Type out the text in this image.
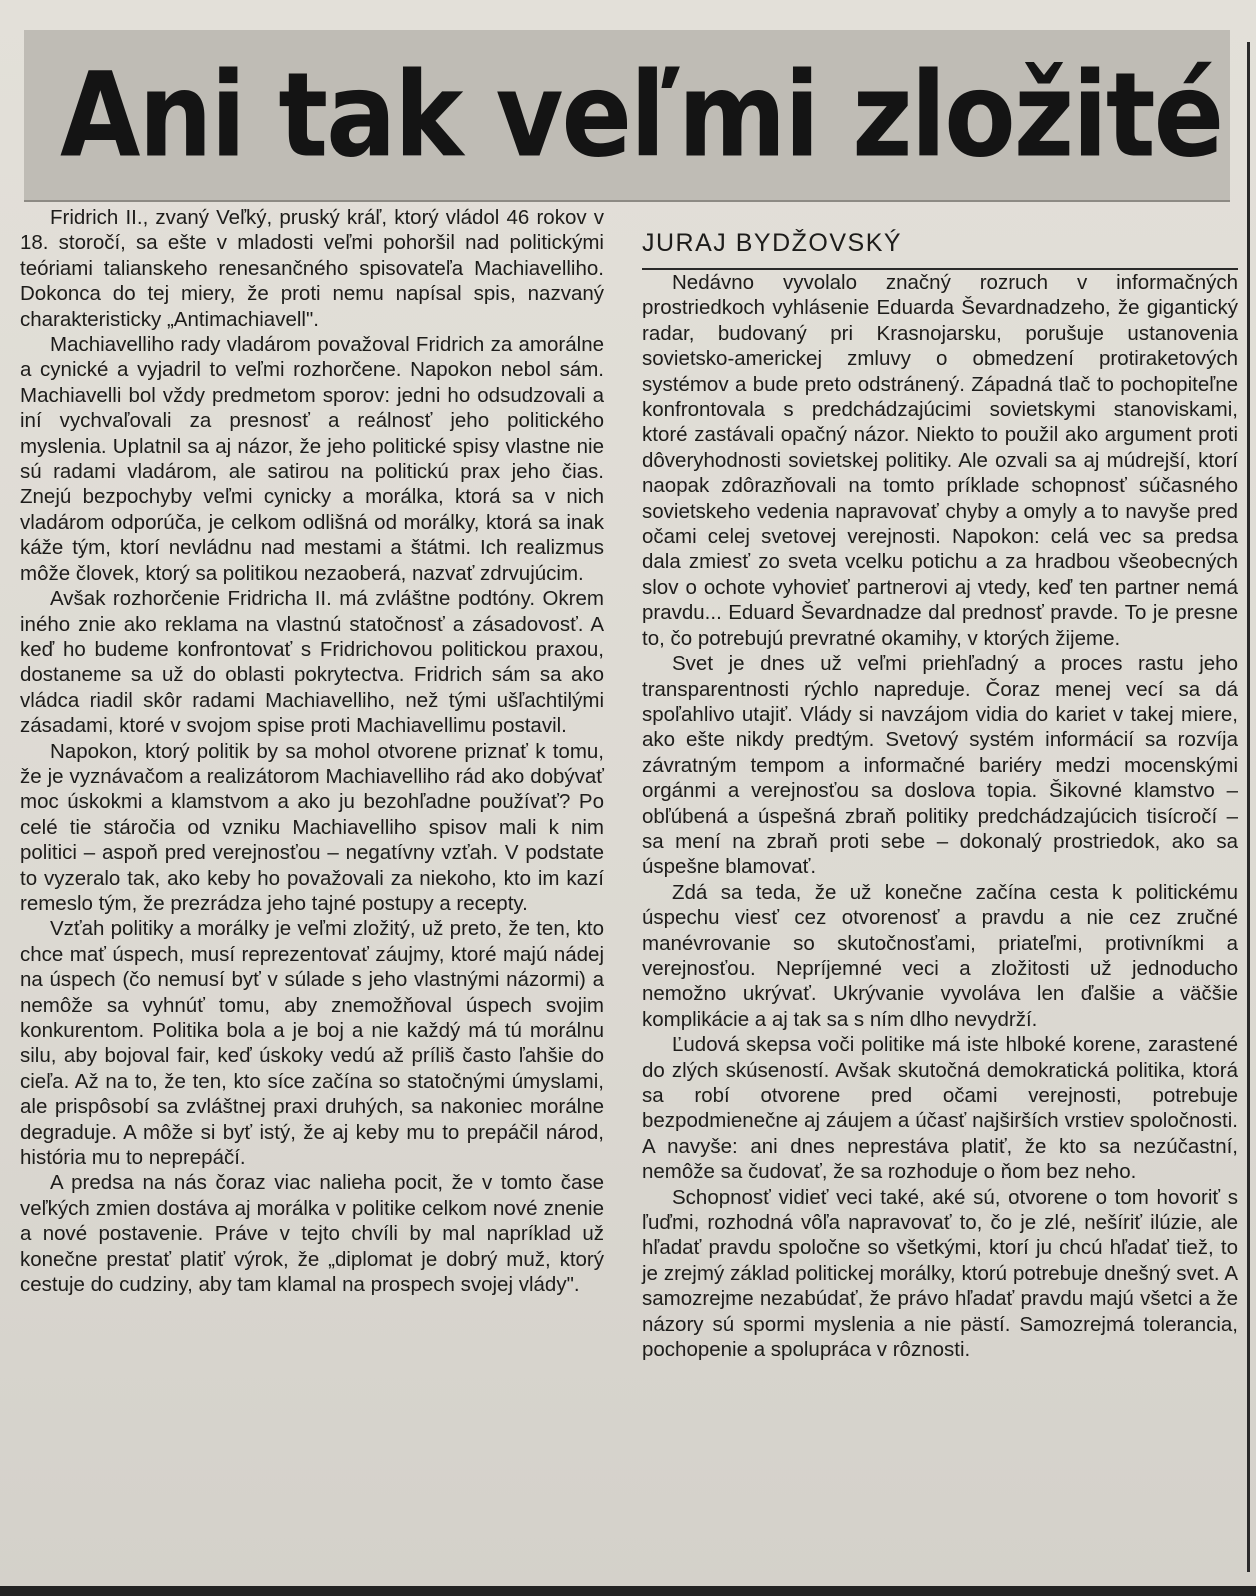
Ani tak veľmi zložité

Fridrich II., zvaný Veľký, pruský kráľ, ktorý vládol 46 rokov v 18. storočí, sa ešte v mladosti veľmi pohoršil nad politickými teóriami talianskeho renesančného spisovateľa Machiavelliho. Dokonca do tej miery, že proti nemu napísal spis, nazvaný charakteristicky „Antimachiavell".

Machiavelliho rady vladárom považoval Fridrich za amorálne a cynické a vyjadril to veľmi rozhorčene. Napokon nebol sám. Machiavelli bol vždy predmetom sporov: jedni ho odsudzovali a iní vychvaľovali za presnosť a reálnosť jeho politického myslenia. Uplatnil sa aj názor, že jeho politické spisy vlastne nie sú radami vladárom, ale satirou na politickú prax jeho čias. Znejú bezpochyby veľmi cynicky a morálka, ktorá sa v nich vladárom odporúča, je celkom odlišná od morálky, ktorá sa inak káže tým, ktorí nevládnu nad mestami a štátmi. Ich realizmus môže človek, ktorý sa politikou nezaoberá, nazvať zdrvujúcim.

Avšak rozhorčenie Fridricha II. má zvláštne podtóny. Okrem iného znie ako reklama na vlastnú statočnosť a zásadovosť. A keď ho budeme konfrontovať s Fridrichovou politickou praxou, dostaneme sa už do oblasti pokrytectva. Fridrich sám sa ako vládca riadil skôr radami Machiavelliho, než tými ušľachtilými zásadami, ktoré v svojom spise proti Machiavellimu postavil.

Napokon, ktorý politik by sa mohol otvorene priznať k tomu, že je vyznávačom a realizátorom Machiavelliho rád ako dobývať moc úskokmi a klamstvom a ako ju bezohľadne používať? Po celé tie stáročia od vzniku Machiavelliho spisov mali k nim politici – aspoň pred verejnosťou – negatívny vzťah. V podstate to vyzeralo tak, ako keby ho považovali za niekoho, kto im kazí remeslo tým, že prezrádza jeho tajné postupy a recepty.

Vzťah politiky a morálky je veľmi zložitý, už preto, že ten, kto chce mať úspech, musí reprezentovať záujmy, ktoré majú nádej na úspech (čo nemusí byť v súlade s jeho vlastnými názormi) a nemôže sa vyhnúť tomu, aby znemožňoval úspech svojim konkurentom. Politika bola a je boj a nie každý má tú morálnu silu, aby bojoval fair, keď úskoky vedú až príliš často ľahšie do cieľa. Až na to, že ten, kto síce začína so statočnými úmyslami, ale prispôsobí sa zvláštnej praxi druhých, sa nakoniec morálne degraduje. A môže si byť istý, že aj keby mu to prepáčil národ, história mu to neprepáčí.

A predsa na nás čoraz viac nalieha pocit, že v tomto čase veľkých zmien dostáva aj morálka v politike celkom nové znenie a nové postavenie. Práve v tejto chvíli by mal napríklad už konečne prestať platiť výrok, že „diplomat je dobrý muž, ktorý cestuje do cudziny, aby tam klamal na prospech svojej vlády".

JURAJ BYDŽOVSKÝ

Nedávno vyvolalo značný rozruch v informačných prostriedkoch vyhlásenie Eduarda Ševardnadzeho, že gigantický radar, budovaný pri Krasnojarsku, porušuje ustanovenia sovietsko-americkej zmluvy o obmedzení protiraketových systémov a bude preto odstránený. Západná tlač to pochopiteľne konfrontovala s predchádzajúcimi sovietskymi stanoviskami, ktoré zastávali opačný názor. Niekto to použil ako argument proti dôveryhodnosti sovietskej politiky. Ale ozvali sa aj múdrejší, ktorí naopak zdôrazňovali na tomto príklade schopnosť súčasného sovietskeho vedenia napravovať chyby a omyly a to navyše pred očami celej svetovej verejnosti. Napokon: celá vec sa predsa dala zmiesť zo sveta vcelku potichu a za hradbou všeobecných slov o ochote vyhovieť partnerovi aj vtedy, keď ten partner nemá pravdu... Eduard Ševardnadze dal prednosť pravde. To je presne to, čo potrebujú prevratné okamihy, v ktorých žijeme.

Svet je dnes už veľmi priehľadný a proces rastu jeho transparentnosti rýchlo napreduje. Čoraz menej vecí sa dá spoľahlivo utajiť. Vlády si navzájom vidia do kariet v takej miere, ako ešte nikdy predtým. Svetový systém informácií sa rozvíja závratným tempom a informačné bariéry medzi mocenskými orgánmi a verejnosťou sa doslova topia. Šikovné klamstvo – obľúbená a úspešná zbraň politiky predchádzajúcich tisícročí – sa mení na zbraň proti sebe – dokonalý prostriedok, ako sa úspešne blamovať.

Zdá sa teda, že už konečne začína cesta k politickému úspechu viesť cez otvorenosť a pravdu a nie cez zručné manévrovanie so skutočnosťami, priateľmi, protivníkmi a verejnosťou. Nepríjemné veci a zložitosti už jednoducho nemožno ukrývať. Ukrývanie vyvoláva len ďalšie a väčšie komplikácie a aj tak sa s ním dlho nevydrží.

Ľudová skepsa voči politike má iste hlboké korene, zarastené do zlých skúseností. Avšak skutočná demokratická politika, ktorá sa robí otvorene pred očami verejnosti, potrebuje bezpodmienečne aj záujem a účasť najširších vrstiev spoločnosti. A navyše: ani dnes neprestáva platiť, že kto sa nezúčastní, nemôže sa čudovať, že sa rozhoduje o ňom bez neho.

Schopnosť vidieť veci také, aké sú, otvorene o tom hovoriť s ľuďmi, rozhodná vôľa napravovať to, čo je zlé, nešíriť ilúzie, ale hľadať pravdu spoločne so všetkými, ktorí ju chcú hľadať tiež, to je zrejmý základ politickej morálky, ktorú potrebuje dnešný svet. A samozrejme nezabúdať, že právo hľadať pravdu majú všetci a že názory sú spormi myslenia a nie pästí. Samozrejmá tolerancia, pochopenie a spolupráca v rôznosti.
